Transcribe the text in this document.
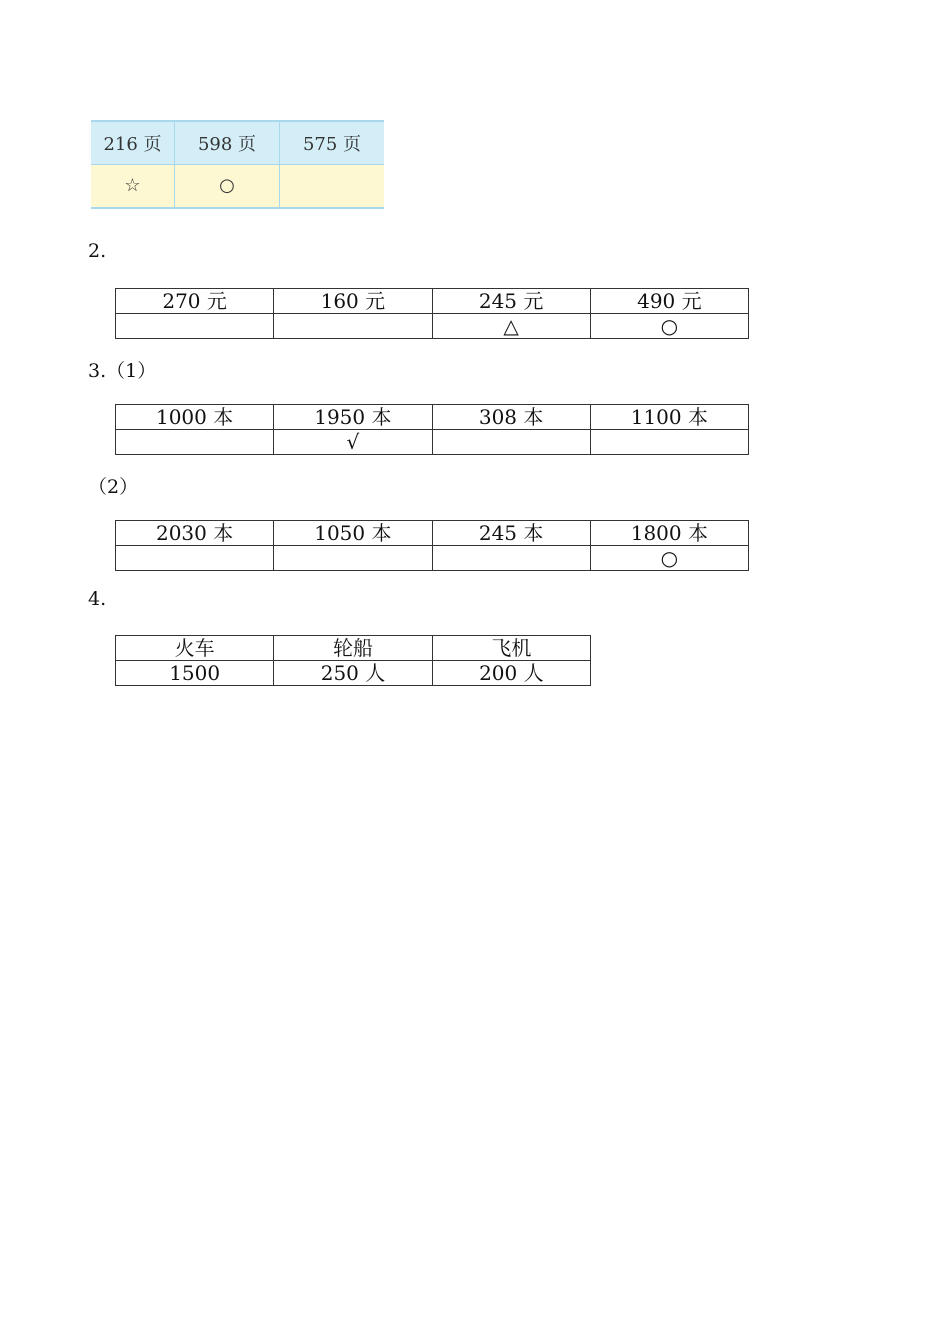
216 页	598 页	575 页
☆	○	
2.
270 元	160 元	245 元	490 元
		△	○
3.（1）
1000 本	1950 本	308 本	1100 本
	√		
（2）
2030 本	1050 本	245 本	1800 本
			○
4.
火车	轮船	飞机
1500	250 人	200 人
